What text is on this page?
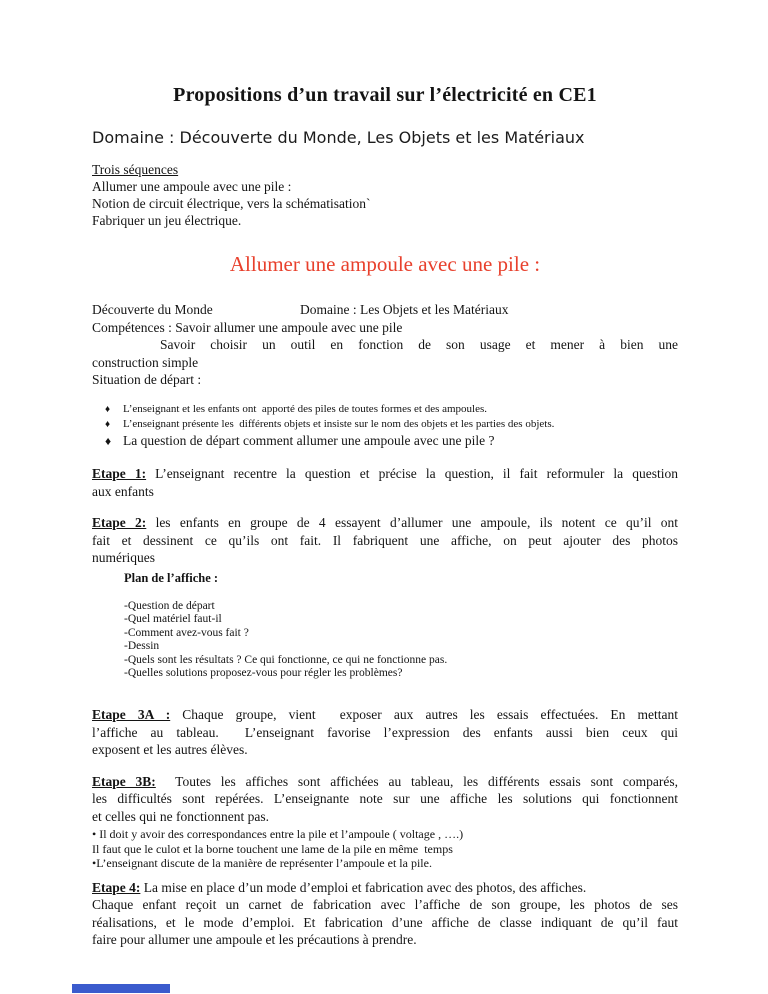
Propositions d’un travail sur l’électricité en CE1
Domaine : Découverte du Monde, Les Objets et les Matériaux
Trois séquences
Allumer une ampoule avec une pile :
Notion de circuit électrique, vers la schématisation`
Fabriquer un jeu électrique.
Allumer une ampoule avec une pile :
Découverte du Monde	Domaine : Les Objets et les Matériaux
Compétences : Savoir allumer une ampoule avec une pile
Savoir choisir un outil en fonction de son usage et mener à bien une
construction simple
Situation de départ :
♦	L’enseignant et les enfants ont  apporté des piles de toutes formes et des ampoules.
♦	L’enseignant présente les  différents objets et insiste sur le nom des objets et les parties des objets.
♦ La question de départ comment allumer une ampoule avec une pile ?
Etape 1: L’enseignant recentre la question et précise la question, il fait reformuler la question
aux enfants
Etape 2: les enfants en groupe de 4 essayent d’allumer une ampoule, ils notent ce qu’il ont
fait et dessinent ce qu’ils ont fait. Il fabriquent une affiche, on peut ajouter des photos
numériques
Plan de l’affiche :
-Question de départ
-Quel matériel faut-il
-Comment avez-vous fait ?
-Dessin
-Quels sont les résultats ? Ce qui fonctionne, ce qui ne fonctionne pas.
-Quelles solutions proposez-vous pour régler les problèmes?
Etape 3A : Chaque groupe, vient  exposer aux autres les essais effectuées. En mettant
l’affiche au tableau.  L’enseignant favorise l’expression des enfants aussi bien ceux qui
exposent et les autres élèves.
Etape 3B:  Toutes les affiches sont affichées au tableau, les différents essais sont comparés,
les difficultés sont repérées. L’enseignante note sur une affiche les solutions qui fonctionnent
et celles qui ne fonctionnent pas.
• Il doit y avoir des correspondances entre la pile et l’ampoule ( voltage , ….)
Il faut que le culot et la borne touchent une lame de la pile en même  temps
•L’enseignant discute de la manière de représenter l’ampoule et la pile.
Etape 4: La mise en place d’un mode d’emploi et fabrication avec des photos, des affiches.
Chaque enfant reçoit un carnet de fabrication avec l’affiche de son groupe, les photos de ses
réalisations, et le mode d’emploi. Et fabrication d’une affiche de classe indiquant de qu’il faut
faire pour allumer une ampoule et les précautions à prendre.
